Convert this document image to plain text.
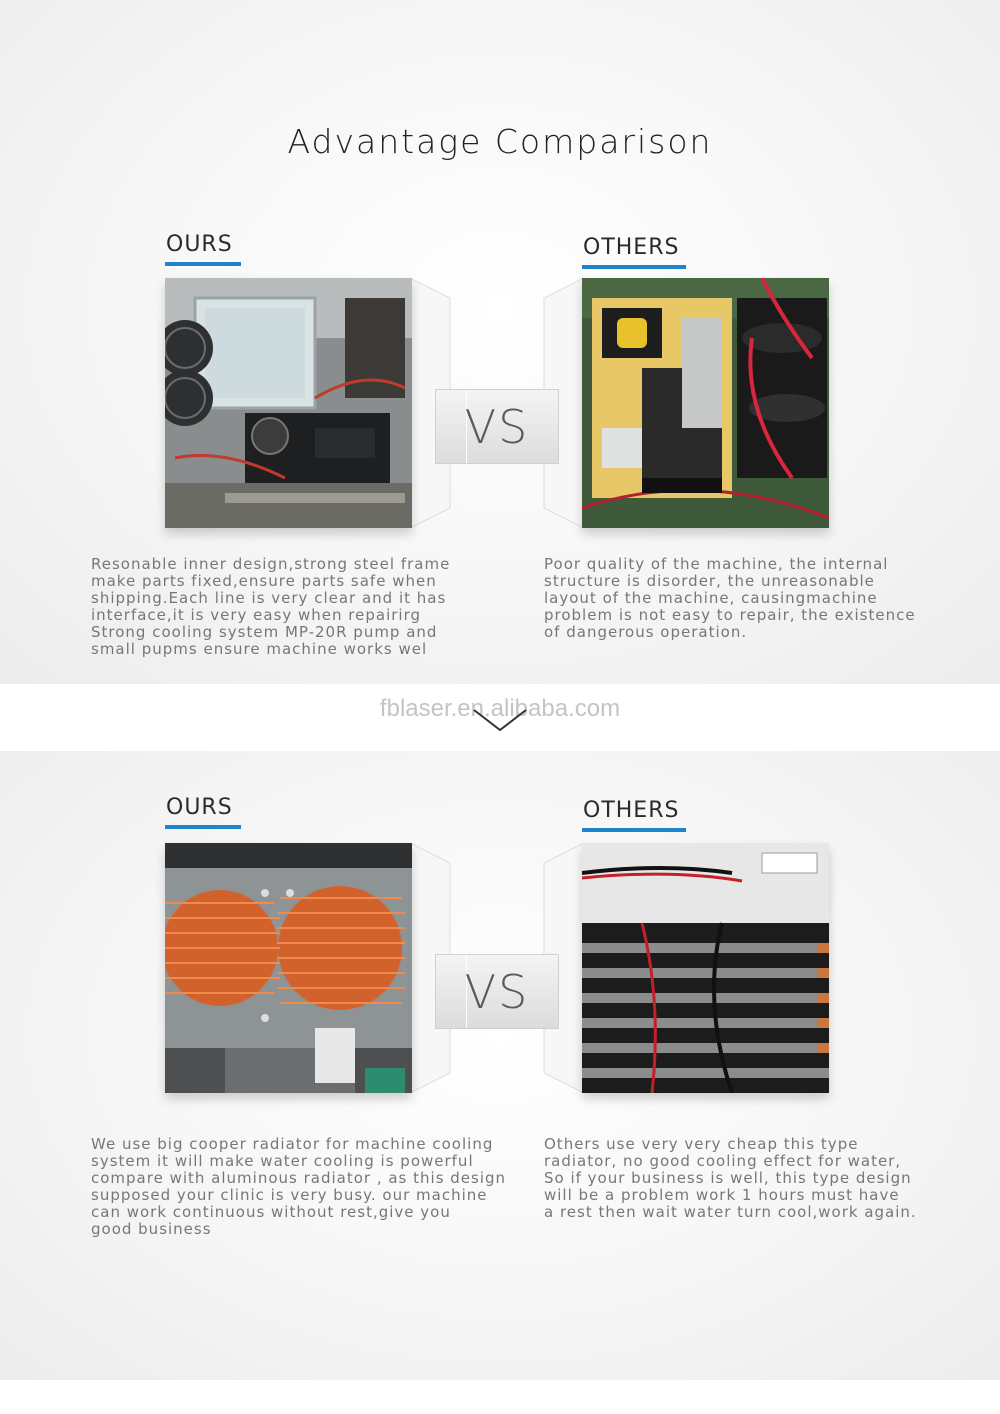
Advantage Comparison
OURS	OTHERS
VS
Resonable inner design,strong steel frame
make parts fixed,ensure parts safe when
shipping.Each line is very clear and it has
interface,it is very easy when repairirg
Strong cooling system MP-20R pump and
small pupms ensure machine works wel
Poor quality of the machine, the internal
structure is disorder, the unreasonable
layout of the machine, causingmachine
problem is not easy to repair, the existence
of dangerous operation.
fblaser.en.alibaba.com
OURS	OTHERS
VS
We use big cooper radiator for machine cooling
system it will make water cooling is powerful
compare with aluminous radiator , as this design
supposed your clinic is very busy. our machine
can work continuous without rest,give you
good business
Others use very very cheap this type
radiator, no good cooling effect for water,
So if your business is well, this type design
will be a problem work 1 hours must have
a rest then wait water turn cool,work again.
